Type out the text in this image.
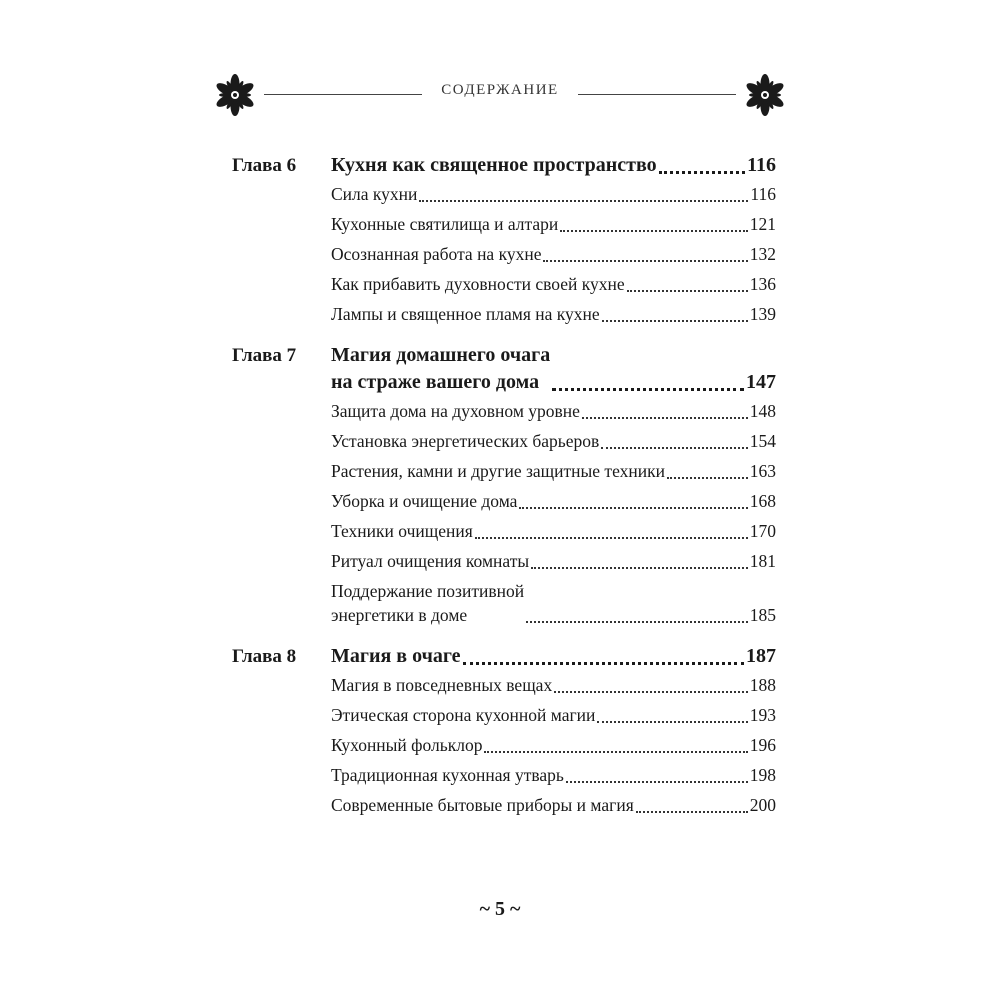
СОДЕРЖАНИЕ
Глава 6 Кухня как священное пространство	116
Сила кухни	116
Кухонные святилища и алтари	121
Осознанная работа на кухне	132
Как прибавить духовности своей кухне	136
Лампы и священное пламя на кухне	139
Глава 7 Магия домашнего очага
на страже вашего дома	147
Защита дома на духовном уровне	148
Установка энергетических барьеров	154
Растения, камни и другие защитные техники	163
Уборка и очищение дома	168
Техники очищения	170
Ритуал очищения комнаты	181
Поддержание позитивной
энергетики в доме	185
Глава 8 Магия в очаге	187
Магия в повседневных вещах	188
Этическая сторона кухонной магии	193
Кухонный фольклор	196
Традиционная кухонная утварь	198
Современные бытовые приборы и магия	200
~ 5 ~
